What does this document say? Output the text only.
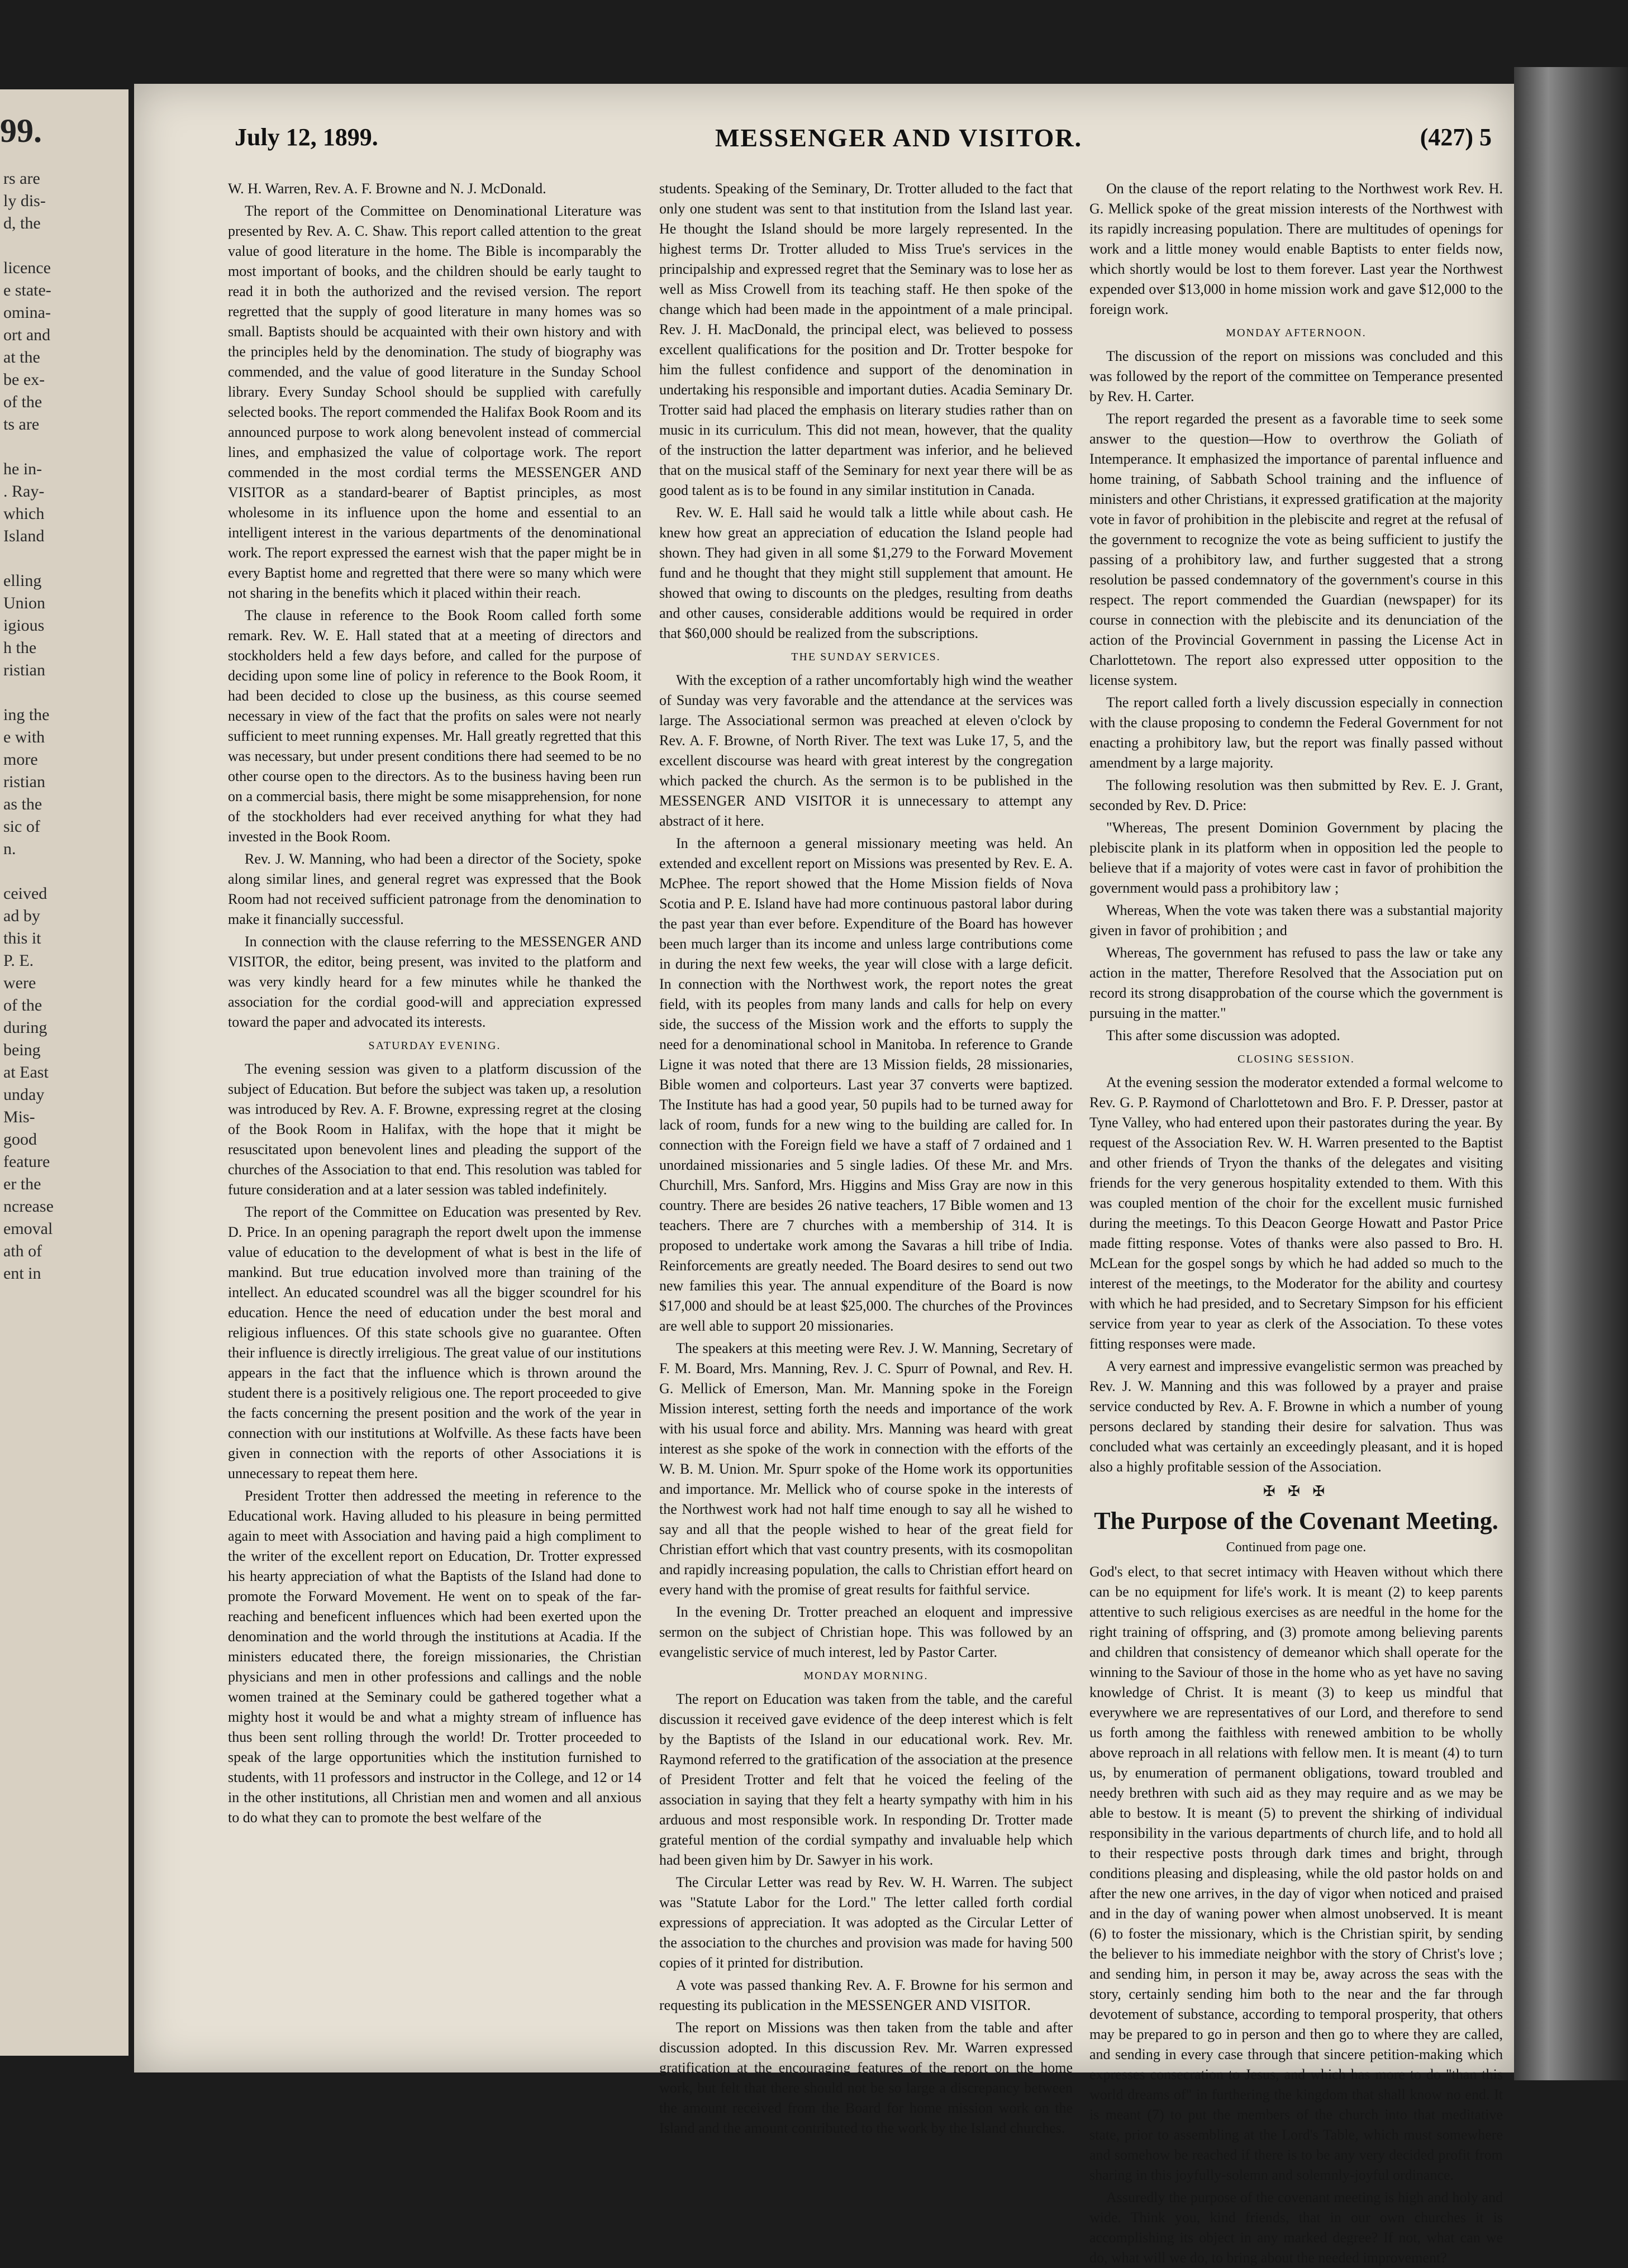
99.
rs are
ly dis-
d, the

licence
e state-
omina-
ort and
at the
be ex-
of the
ts are

he in-
. Ray-
which
Island

elling
Union
igious
h the
ristian

ing the
e with
more
ristian
as the
sic of
n.

ceived
ad by
this it
P. E.
were
of the
during
being
at East
unday
Mis-
good
feature
er the
ncrease
emoval
ath of
ent in
July 12, 1899.	MESSENGER AND VISITOR.	(427) 5

W. H. Warren, Rev. A. F. Browne and N. J. McDonald.

The report of the Committee on Denominational Literature was presented by Rev. A. C. Shaw. This report called attention to the great value of good literature in the home. The Bible is incomparably the most important of books, and the children should be early taught to read it in both the authorized and the revised version. The report regretted that the supply of good literature in many homes was so small. Baptists should be acquainted with their own history and with the principles held by the denomination. The study of biography was commended, and the value of good literature in the Sunday School library. Every Sunday School should be supplied with carefully selected books. The report commended the Halifax Book Room and its announced purpose to work along benevolent instead of commercial lines, and emphasized the value of colportage work. The report commended in the most cordial terms the MESSENGER AND VISITOR as a standard-bearer of Baptist principles, as most wholesome in its influence upon the home and essential to an intelligent interest in the various departments of the denominational work. The report expressed the earnest wish that the paper might be in every Baptist home and regretted that there were so many which were not sharing in the benefits which it placed within their reach.

The clause in reference to the Book Room called forth some remark. Rev. W. E. Hall stated that at a meeting of directors and stockholders held a few days before, and called for the purpose of deciding upon some line of policy in reference to the Book Room, it had been decided to close up the business, as this course seemed necessary in view of the fact that the profits on sales were not nearly sufficient to meet running expenses. Mr. Hall greatly regretted that this was necessary, but under present conditions there had seemed to be no other course open to the directors. As to the business having been run on a commercial basis, there might be some misapprehension, for none of the stockholders had ever received anything for what they had invested in the Book Room.

Rev. J. W. Manning, who had been a director of the Society, spoke along similar lines, and general regret was expressed that the Book Room had not received sufficient patronage from the denomination to make it financially successful.

In connection with the clause referring to the MESSENGER AND VISITOR, the editor, being present, was invited to the platform and was very kindly heard for a few minutes while he thanked the association for the cordial good-will and appreciation expressed toward the paper and advocated its interests.

SATURDAY EVENING.

The evening session was given to a platform discussion of the subject of Education. But before the subject was taken up, a resolution was introduced by Rev. A. F. Browne, expressing regret at the closing of the Book Room in Halifax, with the hope that it might be resuscitated upon benevolent lines and pleading the support of the churches of the Association to that end. This resolution was tabled for future consideration and at a later session was tabled indefinitely.

The report of the Committee on Education was presented by Rev. D. Price. In an opening paragraph the report dwelt upon the immense value of education to the development of what is best in the life of mankind. But true education involved more than training of the intellect. An educated scoundrel was all the bigger scoundrel for his education. Hence the need of education under the best moral and religious influences. Of this state schools give no guarantee. Often their influence is directly irreligious. The great value of our institutions appears in the fact that the influence which is thrown around the student there is a positively religious one. The report proceeded to give the facts concerning the present position and the work of the year in connection with our institutions at Wolfville. As these facts have been given in connection with the reports of other Associations it is unnecessary to repeat them here.

President Trotter then addressed the meeting in reference to the Educational work. Having alluded to his pleasure in being permitted again to meet with Association and having paid a high compliment to the writer of the excellent report on Education, Dr. Trotter expressed his hearty appreciation of what the Baptists of the Island had done to promote the Forward Movement. He went on to speak of the far-reaching and beneficent influences which had been exerted upon the denomination and the world through the institutions at Acadia. If the ministers educated there, the foreign missionaries, the Christian physicians and men in other professions and callings and the noble women trained at the Seminary could be gathered together what a mighty host it would be and what a mighty stream of influence has thus been sent rolling through the world! Dr. Trotter proceeded to speak of the large opportunities which the institution furnished to students, with 11 professors and instructor in the College, and 12 or 14 in the other institutions, all Christian men and women and all anxious to do what they can to promote the best welfare of the

students. Speaking of the Seminary, Dr. Trotter alluded to the fact that only one student was sent to that institution from the Island last year. He thought the Island should be more largely represented. In the highest terms Dr. Trotter alluded to Miss True's services in the principalship and expressed regret that the Seminary was to lose her as well as Miss Crowell from its teaching staff. He then spoke of the change which had been made in the appointment of a male principal. Rev. J. H. MacDonald, the principal elect, was believed to possess excellent qualifications for the position and Dr. Trotter bespoke for him the fullest confidence and support of the denomination in undertaking his responsible and important duties. Acadia Seminary Dr. Trotter said had placed the emphasis on literary studies rather than on music in its curriculum. This did not mean, however, that the quality of the instruction the latter department was inferior, and he believed that on the musical staff of the Seminary for next year there will be as good talent as is to be found in any similar institution in Canada.

Rev. W. E. Hall said he would talk a little while about cash. He knew how great an appreciation of education the Island people had shown. They had given in all some $1,279 to the Forward Movement fund and he thought that they might still supplement that amount. He showed that owing to discounts on the pledges, resulting from deaths and other causes, considerable additions would be required in order that $60,000 should be realized from the subscriptions.

THE SUNDAY SERVICES.

With the exception of a rather uncomfortably high wind the weather of Sunday was very favorable and the attendance at the services was large. The Associational sermon was preached at eleven o'clock by Rev. A. F. Browne, of North River. The text was Luke 17, 5, and the excellent discourse was heard with great interest by the congregation which packed the church. As the sermon is to be published in the MESSENGER AND VISITOR it is unnecessary to attempt any abstract of it here.

In the afternoon a general missionary meeting was held. An extended and excellent report on Missions was presented by Rev. E. A. McPhee. The report showed that the Home Mission fields of Nova Scotia and P. E. Island have had more continuous pastoral labor during the past year than ever before. Expenditure of the Board has however been much larger than its income and unless large contributions come in during the next few weeks, the year will close with a large deficit. In connection with the Northwest work, the report notes the great field, with its peoples from many lands and calls for help on every side, the success of the Mission work and the efforts to supply the need for a denominational school in Manitoba. In reference to Grande Ligne it was noted that there are 13 Mission fields, 28 missionaries, Bible women and colporteurs. Last year 37 converts were baptized. The Institute has had a good year, 50 pupils had to be turned away for lack of room, funds for a new wing to the building are called for. In connection with the Foreign field we have a staff of 7 ordained and 1 unordained missionaries and 5 single ladies. Of these Mr. and Mrs. Churchill, Mrs. Sanford, Mrs. Higgins and Miss Gray are now in this country. There are besides 26 native teachers, 17 Bible women and 13 teachers. There are 7 churches with a membership of 314. It is proposed to undertake work among the Savaras a hill tribe of India. Reinforcements are greatly needed. The Board desires to send out two new families this year. The annual expenditure of the Board is now $17,000 and should be at least $25,000. The churches of the Provinces are well able to support 20 missionaries.

The speakers at this meeting were Rev. J. W. Manning, Secretary of F. M. Board, Mrs. Manning, Rev. J. C. Spurr of Pownal, and Rev. H. G. Mellick of Emerson, Man. Mr. Manning spoke in the Foreign Mission interest, setting forth the needs and importance of the work with his usual force and ability. Mrs. Manning was heard with great interest as she spoke of the work in connection with the efforts of the W. B. M. Union. Mr. Spurr spoke of the Home work its opportunities and importance. Mr. Mellick who of course spoke in the interests of the Northwest work had not half time enough to say all he wished to say and all that the people wished to hear of the great field for Christian effort which that vast country presents, with its cosmopolitan and rapidly increasing population, the calls to Christian effort heard on every hand with the promise of great results for faithful service.

In the evening Dr. Trotter preached an eloquent and impressive sermon on the subject of Christian hope. This was followed by an evangelistic service of much interest, led by Pastor Carter.

MONDAY MORNING.

The report on Education was taken from the table, and the careful discussion it received gave evidence of the deep interest which is felt by the Baptists of the Island in our educational work. Rev. Mr. Raymond referred to the gratification of the association at the presence of President Trotter and felt that he voiced the feeling of the association in saying that they felt a hearty sympathy with him in his arduous and most responsible work. In responding Dr. Trotter made grateful mention of the cordial sympathy and invaluable help which had been given him by Dr. Sawyer in his work.

The Circular Letter was read by Rev. W. H. Warren. The subject was "Statute Labor for the Lord." The letter called forth cordial expressions of appreciation. It was adopted as the Circular Letter of the association to the churches and provision was made for having 500 copies of it printed for distribution.

A vote was passed thanking Rev. A. F. Browne for his sermon and requesting its publication in the MESSENGER AND VISITOR.

The report on Missions was then taken from the table and after discussion adopted. In this discussion Rev. Mr. Warren expressed gratification at the encouraging features of the report on the home work, but felt that there should not be so large a discrepancy between the amount received from the Board for home mission work on the Island and the amount contributed to the work by the Island churches.

On the clause of the report relating to the Northwest work Rev. H. G. Mellick spoke of the great mission interests of the Northwest with its rapidly increasing population. There are multitudes of openings for work and a little money would enable Baptists to enter fields now, which shortly would be lost to them forever. Last year the Northwest expended over $13,000 in home mission work and gave $12,000 to the foreign work.

MONDAY AFTERNOON.

The discussion of the report on missions was concluded and this was followed by the report of the committee on Temperance presented by Rev. H. Carter.

The report regarded the present as a favorable time to seek some answer to the question—How to overthrow the Goliath of Intemperance. It emphasized the importance of parental influence and home training, of Sabbath School training and the influence of ministers and other Christians, it expressed gratification at the majority vote in favor of prohibition in the plebiscite and regret at the refusal of the government to recognize the vote as being sufficient to justify the passing of a prohibitory law, and further suggested that a strong resolution be passed condemnatory of the government's course in this respect. The report commended the Guardian (newspaper) for its course in connection with the plebiscite and its denunciation of the action of the Provincial Government in passing the License Act in Charlottetown. The report also expressed utter opposition to the license system.

The report called forth a lively discussion especially in connection with the clause proposing to condemn the Federal Government for not enacting a prohibitory law, but the report was finally passed without amendment by a large majority.

The following resolution was then submitted by Rev. E. J. Grant, seconded by Rev. D. Price:

"Whereas, The present Dominion Government by placing the plebiscite plank in its platform when in opposition led the people to believe that if a majority of votes were cast in favor of prohibition the government would pass a prohibitory law ;

Whereas, When the vote was taken there was a substantial majority given in favor of prohibition ; and

Whereas, The government has refused to pass the law or take any action in the matter, Therefore Resolved that the Association put on record its strong disapprobation of the course which the government is pursuing in the matter."

This after some discussion was adopted.

CLOSING SESSION.

At the evening session the moderator extended a formal welcome to Rev. G. P. Raymond of Charlottetown and Bro. F. P. Dresser, pastor at Tyne Valley, who had entered upon their pastorates during the year. By request of the Association Rev. W. H. Warren presented to the Baptist and other friends of Tryon the thanks of the delegates and visiting friends for the very generous hospitality extended to them. With this was coupled mention of the choir for the excellent music furnished during the meetings. To this Deacon George Howatt and Pastor Price made fitting response. Votes of thanks were also passed to Bro. H. McLean for the gospel songs by which he had added so much to the interest of the meetings, to the Moderator for the ability and courtesy with which he had presided, and to Secretary Simpson for his efficient service from year to year as clerk of the Association. To these votes fitting responses were made.

A very earnest and impressive evangelistic sermon was preached by Rev. J. W. Manning and this was followed by a prayer and praise service conducted by Rev. A. F. Browne in which a number of young persons declared by standing their desire for salvation. Thus was concluded what was certainly an exceedingly pleasant, and it is hoped also a highly profitable session of the Association.

✠ ✠ ✠
The Purpose of the Covenant Meeting.
Continued from page one.

God's elect, to that secret intimacy with Heaven without which there can be no equipment for life's work. It is meant (2) to keep parents attentive to such religious exercises as are needful in the home for the right training of offspring, and (3) promote among believing parents and children that consistency of demeanor which shall operate for the winning to the Saviour of those in the home who as yet have no saving knowledge of Christ. It is meant (3) to keep us mindful that everywhere we are representatives of our Lord, and therefore to send us forth among the faithless with renewed ambition to be wholly above reproach in all relations with fellow men. It is meant (4) to turn us, by enumeration of permanent obligations, toward troubled and needy brethren with such aid as they may require and as we may be able to bestow. It is meant (5) to prevent the shirking of individual responsibility in the various departments of church life, and to hold all to their respective posts through dark times and bright, through conditions pleasing and displeasing, while the old pastor holds on and after the new one arrives, in the day of vigor when noticed and praised and in the day of waning power when almost unobserved. It is meant (6) to foster the missionary, which is the Christian spirit, by sending the believer to his immediate neighbor with the story of Christ's love ; and sending him, in person it may be, away across the seas with the story, certainly sending him both to the near and the far through devotement of substance, according to temporal prosperity, that others may be prepared to go in person and then go to where they are called, and sending in every case through that sincere petition-making which expresses consecration to Jesus, and which has more to do "than this world dreams of" in furthering the kingdom that shall know no end. It is meant (7) to put the members of the church into that meditative state, prior to assembling at the Lord's Table, which must somewhere and somehow be reached if there is to be any very decided profit from sharing in this joyfully-solemn and solemnly-joyful ordinance.

Assuredly the purpose of the covenant meeting is high and holy and wide. Think you, kind friends, that in our own churches it is accomplishing its object in any marked degree? If not, what can we do, what will we do, to bring about the needed improvement?
